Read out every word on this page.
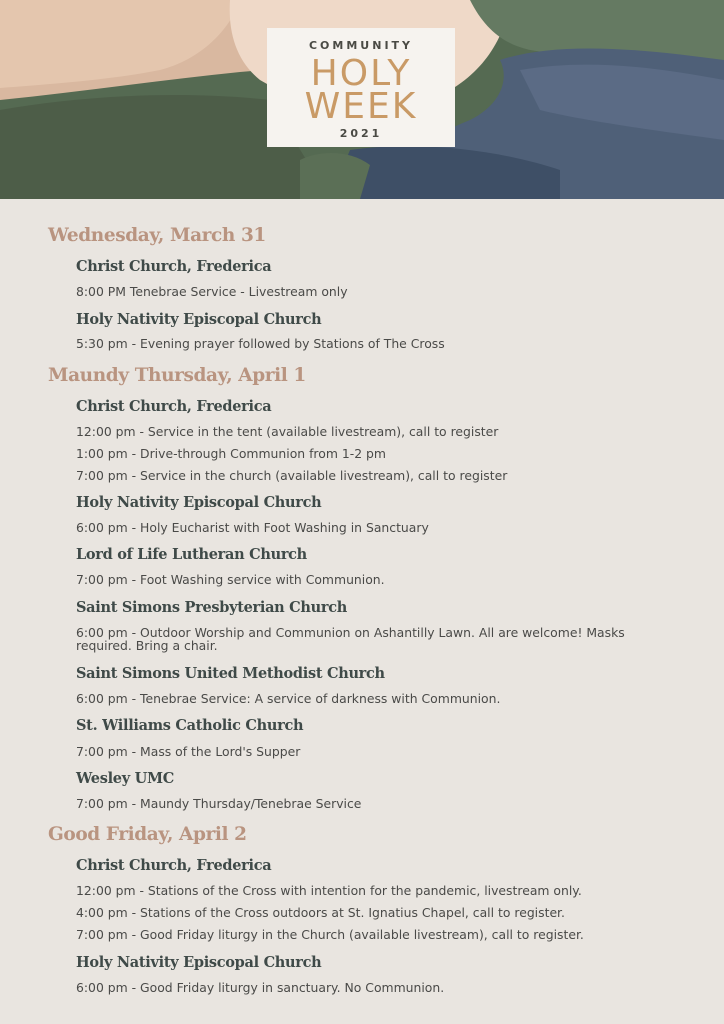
COMMUNITY
HOLY
WEEK
2021
Wednesday, March 31
Christ Church, Frederica
8:00 PM Tenebrae Service - Livestream only
Holy Nativity Episcopal Church
5:30 pm - Evening prayer followed by Stations of The Cross
Maundy Thursday, April 1
Christ Church, Frederica
12:00 pm - Service in the tent (available livestream), call to register
1:00 pm - Drive-through Communion from 1-2 pm
7:00 pm - Service in the church (available livestream), call to register
Holy Nativity Episcopal Church
6:00 pm - Holy Eucharist with Foot Washing in Sanctuary
Lord of Life Lutheran Church
7:00 pm - Foot Washing service with Communion.
Saint Simons Presbyterian Church
6:00 pm - Outdoor Worship and Communion on Ashantilly Lawn. All are welcome! Masks required. Bring a chair.
Saint Simons United Methodist Church
6:00 pm - Tenebrae Service: A service of darkness with Communion.
St. Williams Catholic Church
7:00 pm - Mass of the Lord's Supper
Wesley UMC
7:00 pm - Maundy Thursday/Tenebrae Service
Good Friday, April 2
Christ Church, Frederica
12:00 pm - Stations of the Cross with intention for the pandemic, livestream only.
4:00 pm - Stations of the Cross outdoors at St. Ignatius Chapel, call to register.
7:00 pm - Good Friday liturgy in the Church (available livestream), call to register.
Holy Nativity Episcopal Church
6:00 pm - Good Friday liturgy in sanctuary. No Communion.
